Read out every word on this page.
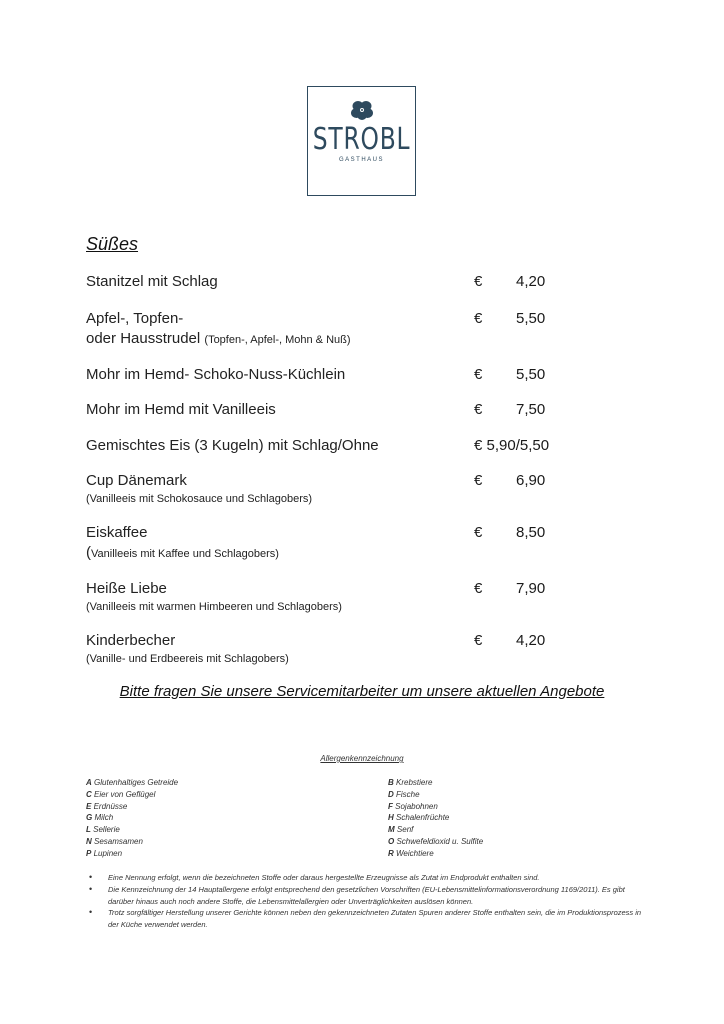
STROBL
GASTHAUS
Süßes
Stanitzel mit Schlag	€ 4,20
Apfel-, Topfen-
oder Hausstrudel (Topfen-, Apfel-, Mohn & Nuß)
€ 5,50
Mohr im Hemd- Schoko-Nuss-Küchlein	€ 5,50
Mohr im Hemd mit Vanilleeis	€ 7,50
Gemischtes Eis (3 Kugeln) mit Schlag/Ohne	€ 5,90/5,50
Cup Dänemark
(Vanilleeis mit Schokosauce und Schlagobers)
€ 6,90
Eiskaffee
(Vanilleeis mit Kaffee und Schlagobers)
€ 8,50
Heiße Liebe
(Vanilleeis mit warmen Himbeeren und Schlagobers)
€ 7,90
Kinderbecher
(Vanille- und Erdbeereis mit Schlagobers)
€ 4,20
Bitte fragen Sie unsere Servicemitarbeiter um unsere aktuellen Angebote
Allergenkennzeichnung
A Glutenhaltiges Getreide
C Eier von Geflügel
E Erdnüsse
G Milch
L Sellerie
N Sesamsamen
P Lupinen
B Krebstiere
D Fische
F Sojabohnen
H Schalenfrüchte
M Senf
O Schwefeldioxid u. Sulfite
R Weichtiere
• Eine Nennung erfolgt, wenn die bezeichneten Stoffe oder daraus hergestellte Erzeugnisse als Zutat im Endprodukt enthalten sind.
• Die Kennzeichnung der 14 Hauptallergene erfolgt entsprechend den gesetzlichen Vorschriften (EU-Lebensmittelinformationsverordnung 1169/2011). Es gibt darüber hinaus auch noch andere Stoffe, die Lebensmittelallergien oder Unverträglichkeiten auslösen können.
• Trotz sorgfältiger Herstellung unserer Gerichte können neben den gekennzeichneten Zutaten Spuren anderer Stoffe enthalten sein, die im Produktionsprozess in der Küche verwendet werden.
